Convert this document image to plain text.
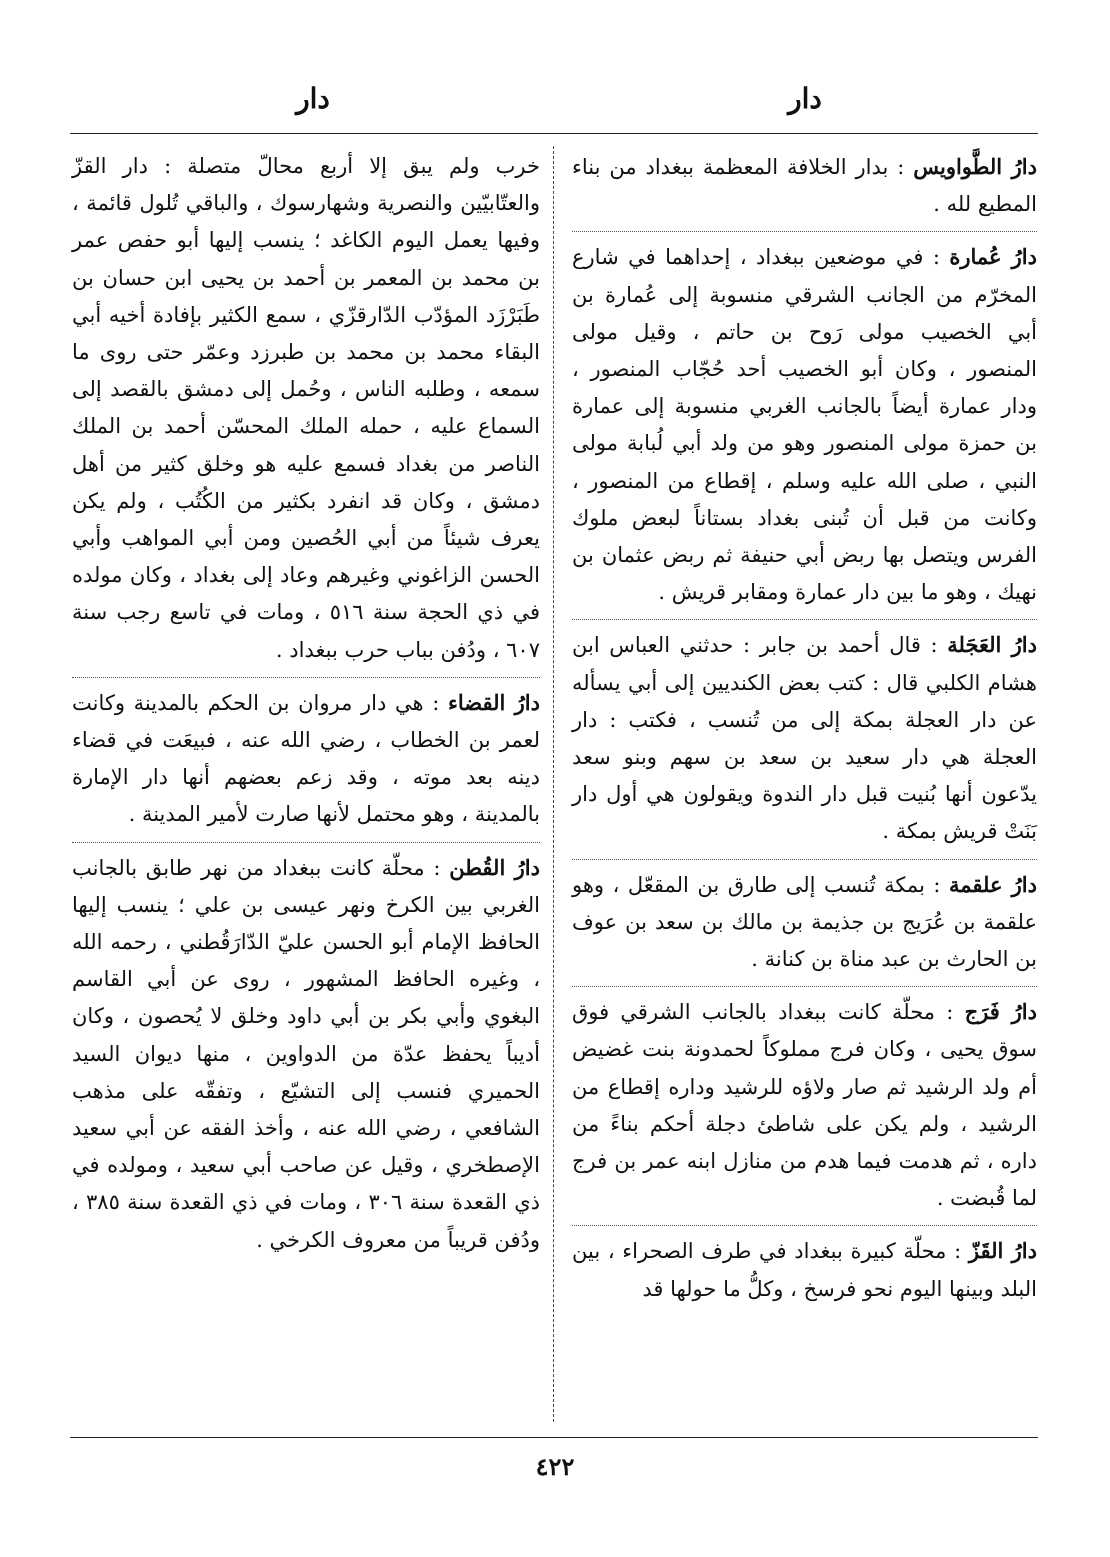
دار
دار

دارُ الطَّواويس : بدار الخلافة المعظمة ببغداد من بناء المطيع لله .

دارُ عُمارة : في موضعين ببغداد ، إحداهما في شارع المخرّم من الجانب الشرقي منسوبة إلى عُمارة بن أبي الخصيب مولى رَوح بن حاتم ، وقيل مولى المنصور ، وكان أبو الخصيب أحد حُجّاب المنصور ، ودار عمارة أيضاً بالجانب الغربي منسوبة إلى عمارة بن حمزة مولى المنصور وهو من ولد أبي لُبابة مولى النبي ، صلى الله عليه وسلم ، إقطاع من المنصور ، وكانت من قبل أن تُبنى بغداد بستاناً لبعض ملوك الفرس ويتصل بها ربض أبي حنيفة ثم ربض عثمان بن نهيك ، وهو ما بين دار عمارة ومقابر قريش .

دارُ العَجَلة : قال أحمد بن جابر : حدثني العباس ابن هشام الكلبي قال : كتب بعض الكنديين إلى أبي يسأله عن دار العجلة بمكة إلى من تُنسب ، فكتب : دار العجلة هي دار سعيد بن سعد بن سهم وبنو سعد يدّعون أنها بُنيت قبل دار الندوة ويقولون هي أول دار بَنَتْ قريش بمكة .

دارُ علقمة : بمكة تُنسب إلى طارق بن المقعّل ، وهو علقمة بن عُرَيج بن جذيمة بن مالك بن سعد بن عوف بن الحارث بن عبد مناة بن كنانة .

دارُ فَرَج : محلّة كانت ببغداد بالجانب الشرقي فوق سوق يحيى ، وكان فرج مملوكاً لحمدونة بنت غضيض أم ولد الرشيد ثم صار ولاؤه للرشيد وداره إقطاع من الرشيد ، ولم يكن على شاطئ دجلة أحكم بناءً من داره ، ثم هدمت فيما هدم من منازل ابنه عمر بن فرج لما قُبضت .

دارُ القَزّ : محلّة كبيرة ببغداد في طرف الصحراء ، بين البلد وبينها اليوم نحو فرسخ ، وكلُّ ما حولها قد

خرب ولم يبق إلا أربع محالّ متصلة : دار القزّ والعتّابيّين والنصرية وشهارسوك ، والباقي تُلول قائمة ، وفيها يعمل اليوم الكاغد ؛ ينسب إليها أبو حفص عمر بن محمد بن المعمر بن أحمد بن يحيى ابن حسان بن طَبَرْزَد المؤدّب الدّارقزّي ، سمع الكثير بإفادة أخيه أبي البقاء محمد بن محمد بن طبرزد وعمّر حتى روى ما سمعه ، وطلبه الناس ، وحُمل إلى دمشق بالقصد إلى السماع عليه ، حمله الملك المحسّن أحمد بن الملك الناصر من بغداد فسمع عليه هو وخلق كثير من أهل دمشق ، وكان قد انفرد بكثير من الكُتُب ، ولم يكن يعرف شيئاً من أبي الحُصين ومن أبي المواهب وأبي الحسن الزاغوني وغيرهم وعاد إلى بغداد ، وكان مولده في ذي الحجة سنة ٥١٦ ، ومات في تاسع رجب سنة ٦٠٧ ، ودُفن بباب حرب ببغداد .

دارُ القضاء : هي دار مروان بن الحكم بالمدينة وكانت لعمر بن الخطاب ، رضي الله عنه ، فبيعَت في قضاء دينه بعد موته ، وقد زعم بعضهم أنها دار الإمارة بالمدينة ، وهو محتمل لأنها صارت لأمير المدينة .

دارُ القُطن : محلّة كانت ببغداد من نهر طابق بالجانب الغربي بين الكرخ ونهر عيسى بن علي ؛ ينسب إليها الحافظ الإمام أبو الحسن عليّ الدّارَقُطني ، رحمه الله ، وغيره الحافظ المشهور ، روى عن أبي القاسم البغوي وأبي بكر بن أبي داود وخلق لا يُحصون ، وكان أديباً يحفظ عدّة من الدواوين ، منها ديوان السيد الحميري فنسب إلى التشيّع ، وتفقّه على مذهب الشافعي ، رضي الله عنه ، وأخذ الفقه عن أبي سعيد الإصطخري ، وقيل عن صاحب أبي سعيد ، ومولده في ذي القعدة سنة ٣٠٦ ، ومات في ذي القعدة سنة ٣٨٥ ، ودُفن قريباً من معروف الكرخي .

٤٢٢
